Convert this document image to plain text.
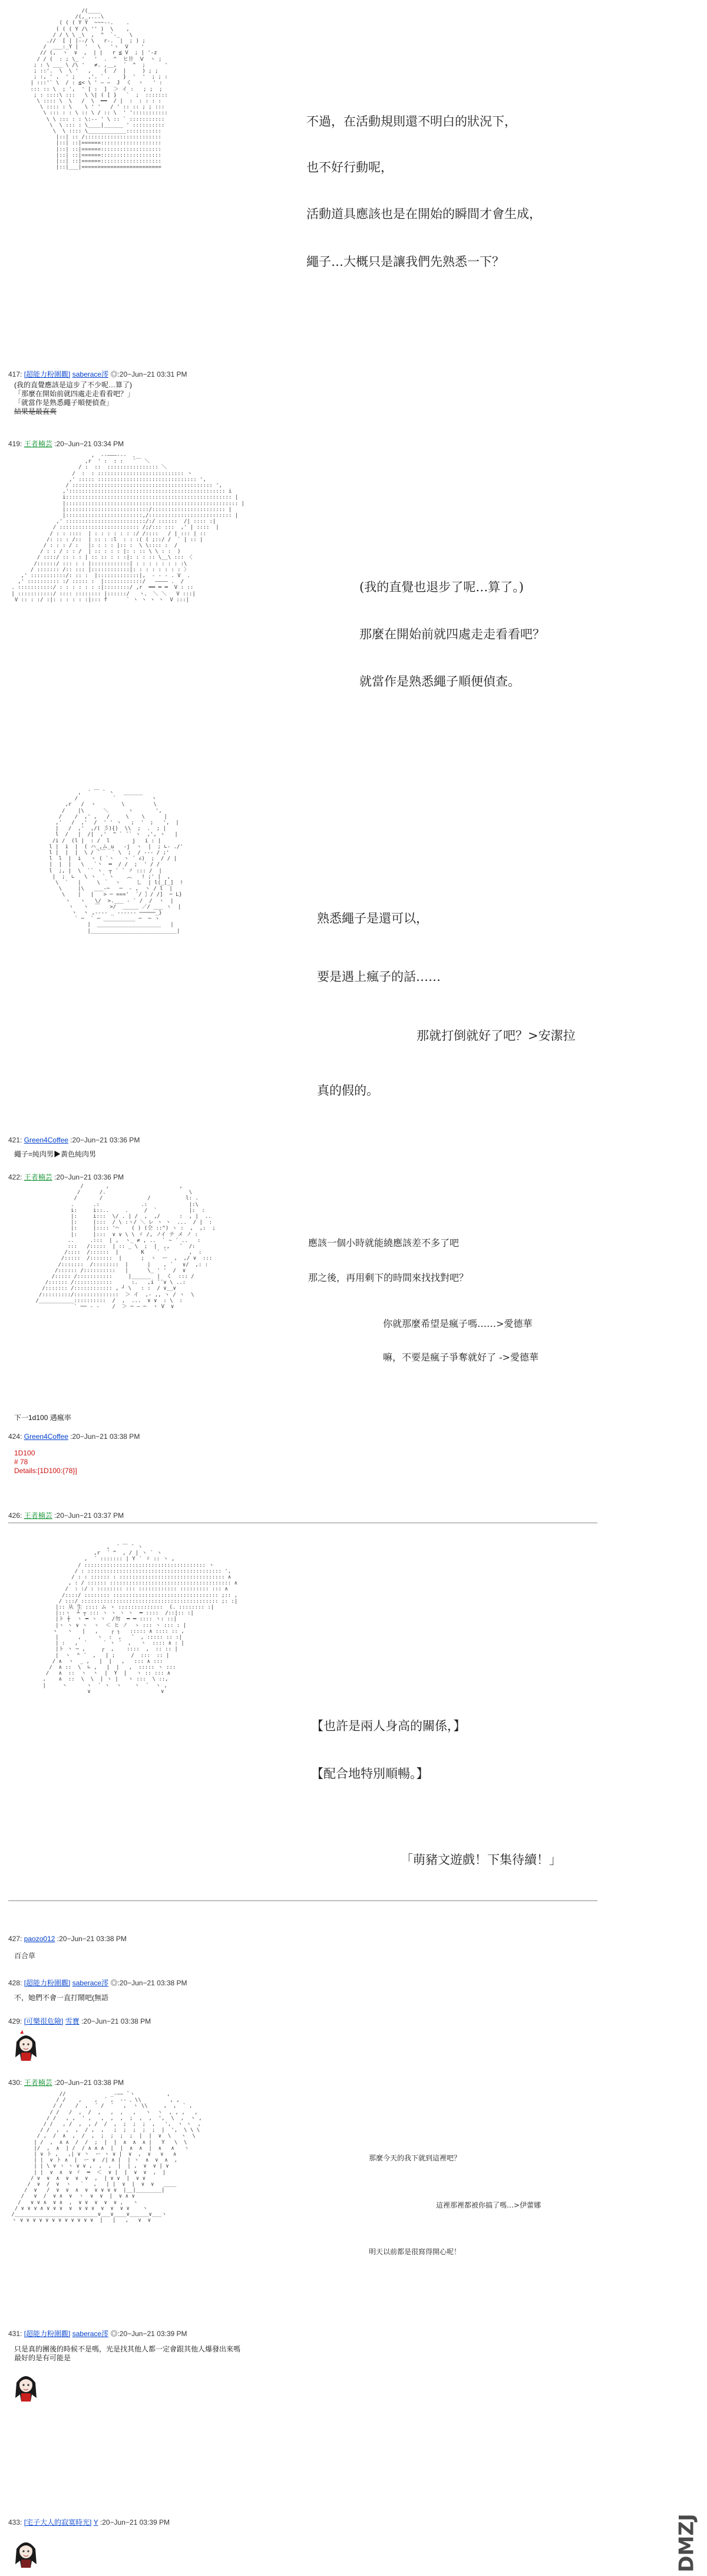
/(____
/(,_,...\
( ( ( Y Y  ~~~--.    .
( ( ( Y /\ '' )  \    ,
/ / \ \ _\  ,  ^  `-_   \
.//  [ | |--/ \   r-.  |  ; ) ;
/  ___:_Y |  '   \   'ヽ  V    '
// (,  ヽ  ∨  ,  | |   r ≦ V  ; | '-z
/ / (  : ; \_ '   '  .  ^  ヒ卄  Ⅴ  ヽ ;
; : \ ___ \ /\ '   ≠. ,__,  ´  ^  ;      '
; ::'.  \  \ '   ,    (  /  |     ) ; ;
; :, ' ,  ' ;    ,'. ` .    }  '  '  ; ; :
| :::'` \  / : ≦< \ ' ― ―  J  く  ヽ   ' :
::: :: \  ; ',  ' [ :  ]  ＞ イ :   ; ;  ;
; : ::::\ :::   \ \| ( [ }   `  ;  :::::::
\ :::: \  \   /  \  ━━  / |  :  : : : :
\ :::: : \    \ ' '   / ' :: :: ; ; :::
\ ::: : : \ :: \ / :: \  ' ':::::::::::
\ \ ::: : : \:-- ' \ :: ` :::::::::::
\  \ ::: : \____|______ ' ::::::::::
\  \ :::: \____________:::::::::::
|::| :: /::::::::::::::::::::::::
|::| ::|======:::::::::::::::::::
|::| ::|======:::::::::::::::::::
|::| ::|======:::::::::::::::::::
|::| ::|======:::::::::::::::::::
|::|___|=========================

不過，在活動規則還不明白的狀況下，

也不好行動呢，

活動道具應該也是在開始的瞬間才會生成，

繩子…大概只是讓我們先熟悉一下？

417: [超能力粉圍觀] saberace澪 ◎:20−Jun−21 03:31 PM
(我的直覺應該是這步了不少呢…算了)
「那麼在開始前就四處走走看看吧？」
「就當作是熟悉繩子順便偵查」
結果是最直爽
419: 王者楠芸 :20−Jun−21 03:34 PM
,  --―――---  、
,r  ' :  : :   ̄ ￣ ＼
/ :  ::  :::::::::::::::: ＼
/  :  : ::::::::::::::::::::::::::: ヽ
,' ::::: ::::::::::::::::::::::::::::::: ',
/ :::::::::::::::::::::::::::::::::::::::::::: ',
,'::::::::::::::::::::::::::::::::::::::::::::::::: i
i:::::::::::::::::::::::::::::::::::::::::::::::::::: |
|:::::::::::::::::::::::::::::::::::::::::::::::::::::: |
|::::::::::::::::::::::::::/::::::::::::::::::::::: |
|::::::::::::::::::::::::,/:::::::::::::::::::::::::: |
,' :::::::::::::::::::::::::/:/ ::::::  /| :::: :|
/ ::::::::::::::::::::::::: /;/::: :::  ,' | ::::  |
/ : : ::::  | : : : : : : :/ /::::   / | ::: | ::
/: :: : /::  | :: : :l  : : :( ( ;::/ /  ` | :: |
/ : : : / :   |: : : : |:: :  \ \:::: :  /
/ : : / : : /  | :: : : : |: : :: \ \ : :  )
/ ::::/ :: : : | :: :: : : :|: : : :: \__\ ::: 〈
/::::::/ ::: : : |::::::::::::| : : : : : : : :\
/ ::::::: /:: ::: |::::::::::::|: : : : : : : : 〉
,' :::::::::::/: :: :  |:::::::::::::|,  - ‐ ‐ . V  .
,' :::::::::: :/ ::::: :  |::::::::::::/   ―――― .  /
. :::::::::::/ : : : : : : :|::::::::/ ,r  ━━ ━ ━  V : ::
| :::::::::::/ :::: :::::::: |::::::/   ヽ、 ＼ ＼   V :::|
V :: : :/ :|: : : : : :|::: f      ` ヽ ヽ ヽ ヽ  V :::|

(我的直覺也退步了呢…算了。)

那麼在開始前就四處走走看看吧？

就當作是熟悉繩子順便偵查。

,  ´ ￣ ¨ ヽ   ______
/           `           ヽ
,r   /  ヽ        \         \
/    |\      ＼      ヽ       ',
/    /  ,' ,   /     \    \      |
,'   /  ,'  /  ' ' ヽ   ;  '  ;   ',  |
|   /  ,'  ,/( 彡){)  \\  ;  .  ; |
l  /   |  /|  ,'  ^ ` ̄ ` ヽ  ,', ヽ   |
/i /  (l |  : /  l       j   i : |
l |  i  |  ( ハ_,ム_u   ‐j  ヽ  |  ; ∟‐ ./'
l |  |  |  \ / ̄ ￣  ` \  ;  / --- / ;'
l  l  |  i   ヽ ( `ヽ   ヽ ´ ∠)  ;  / / |
|  |  |   \   `丶  ━  / /  ;  ' / /
l  ;, |  \  `` ヽ  ┬ ´ ´ ㇇ ::: /  |
|  ;  ∟   \ ヽ  ` ヽ    ︵   ! ;' |  ,
\  `   |     \ ｀  ヽ     し  | l(_[_]  !
\     |\   ___‐─   ─  ‐ ,  ヽ / l  |
\    |   |   > ─ ==='  ´/ ｝/ /]  ─ L}
ヽ   ヽ   \/  >.___ ‐ ` /  /  ヽ  |
ヽ   ヽ  ￣   >/  _____ ／/ ___ ヽ  |
ヽ  ヽ ,---- _ ‐‐‐‐‐‐ ─────_}
` ─  ` ─ __________ ─  ─ ヽ
|  ____________________   |
|___________________________|

熟悉繩子是還可以，

要是遇上瘋子的話……

那就打倒就好了吧？>安潔拉

真的假的。

421: Green4Coffee :20−Jun−21 03:36 PM
繩子=純肉男▶黃色純肉男
422: 王者楠芸 :20−Jun−21 03:36 PM
/       ,                      ,
/      /.                          \
/       /              /           l: .
.      .:             .:             |:\
i:     i::..     .     /  `          |:  :
|:     i:::  \/ . | /  ,  ,/      :  , |  ..
|:     |:::  / \ :ヽ/ ＼ レ ヽ ヽ  ...  / |  :
|:     |:::: '⌒    ( ) (仝 ::^) ヽ :  ,  ,:  ;
|:     |:::  ∨ ∨ \ \ ゞ /, ノイ テ メ ノ :
..     .:::  | ,  ヽ_ ≠ , ..  ` ~ ´ ..   :
:::   /:::::  | :: _ \  ;  |  ,,   ̄   /:
/::::  /::::::  |       K    ` ´       ,  :
/:::::  /:::::::  |      ;  ヽ  ー  ,  ,/ ∨  :::
/:::::::  /::::::::  |      |    , ´   ∨/  ,: :
/:::::: /::::::::::   |      \_ ' '  /  ∨
/::::: /:::::::::::     |______  |  く  ::: /
/:::::: /::::::::::::      :.   ,i ̄ ̄ ∨ \ ..:
/::::::: /:::::::::::: , ┘ \   : :  / ∨__∨
/:::::::::/::::::::::::::  ＞ イ  ,- ,, ヽ / ヽ  \
/___________::::::::::  /  ,  ...  ∨ ∨  : \  :
` ── ‐ ‐    /  ＞ ─ ― ─  ヽ V  ∨

應該一個小時就能繞應該差不多了吧

那之後，再用剩下的時間來找找對吧？

你就那麼希望是瘋子嗎……>愛德華

嘛，不要是瘋子爭奪就好了 ->愛德華

下一1d100 遇瘋率
424: Green4Coffee :20−Jun−21 03:38 PM
1D100
# 78
Details:[1D100:{78}]
426: 王者楠芸 :20−Jun−21 03:37 PM
,  ´ ￣ ¨ ヽ
,r  ´ ^  , / | ヽ ` ヽ
,  ´ ::::::: | Y ´ ゞ :: ヽ ,
/ :::::::::::::::::::::::::::::::::::::: ヽ
/ : :::::::::::::::::::::::::::::::::::::::::: ',
/ : : :::::: : ::::::::::::::::::::::::::::::::: ∧
, : / :::::: :::::::::::::::::::::::::::::::::::::: ∧
/  : :/ : :::::::: ::: :::::::::::: ::::::::: ::: ∧
/::::/ :::::::: ::::::::::::::::::::::::::::::::: ;:: ,
/ :::/ ::::::::::::::::::::::::::::::::::::::::::: ;: :|
|:: 从 生 :::: ム ゝ ::::::::::::::  (. :::::::: :|
|::ヽ  ┴ ┬ ::: ヽ ヽ ヽ ヽ  ━ ::::  /::|:: :|
|ト ┼  ヽ ━ ヽ ヽ  /勿  ━ ━ :::: ヽ: ::|
|ヽ ヽ ∨ ヽ  ヽ  ＜ ヒ ノ  ゝ ::: ヽ ::: : |
ヽ   ヽ   |   ,    ┌ ┐   ::::: ∧ :::: :: ,
|      ,     ヽ  :  ,   ̄   , ::::: :: :|
| :   ,  `     ` ヽ ´  ,   ヽ  :::: ∧ : |
|ト ヽ ─ ,     ┌  ,    ::::  ,  :: :: |
|  ヽ  ^ ´  ,   | ;     /  :::  :: |
/ ∧  ヽ  _ ,   |  |   ,   ::: ∧ :::
/  ∧ ::  \  ∟ ,   |  |   ,  ::::: ヽ :::
/   ∧  ::  ヽ  ヽ  |  Y  |   ヽ :: ::: ∧
,    ∧  ::  \  \  | ヽ |   ヽ :::  \ ::,
|     ヽ      ヽ  ` ヽ  ヽ    ヽ  `  ヽ ,
∨                      ∨

【也許是兩人身高的關係，】

【配合地特別順暢。】

「萌豬文遊戲！下集待續！」

427: paozo012 :20−Jun−21 03:38 PM
百合草
428: [超能力粉圍觀] saberace澪 ◎:20−Jun−21 03:38 PM
不，她們不會一直打鬧吧(無語
429: [可樂很危險] 雪寶 :20−Jun−21 03:38 PM
430: 王者楠芸 :20−Jun−21 03:38 PM
//              _-―― ¨ヽ          ,
/ /    ,    ,  ´ ,  -- 、\\         , ,
/ /    /  ,  ´ /  ´   ,  ヽ \\     ,  ,  ` ,
/ /   /  ,  /  ,   ,  ,   ,   ヽ  ヽ  , , ,   ,
/ /   , ,  ' ,   ,  ,  ,  ;  ,  ,  ',  \  ,  ヽ ,
/ /   , /  ,  , /  /  ,  ;  ;  ;  ,   ',  ヽ ヽ  ,
/ /  ,  ,  ,  / ,  ,   ;  ;  ;  ;  ;  |  ',  \ \ \
/ ,  /  ∧  ,  /  ,  ;  ;  ;  ;  |  |  ∨  \   ヽ  \
| /  ,  ∧ ∧  /  /  ;  |  |  ∧  ∧  ∧ |   Y   \  \
|/  ,  ∧  | /  / ∧ ∧ ∧  |  |  ∧  ∧  |  ∧   ∧   ヽ
| ∨ ト ,   ,| ∨ 丶  ー ヽ ∨ |  ∨  ,  ∨   ∨   ∧
| |  ∨ ト ∧  |  ー ∨  /| ∧ |  | ヽ  ∧  ∨  ∧  ,
| | \ ∨ ヽ ヽ ∨ ∨ ,  ,  ,  |  | ,  ∨  ∨ | ∨
| |  ∨  ∧  ∨ ゞ  ━  ＜  ∨ |  |  ∨  ∨  ,  |
/ ∨  ∨  ∧  ∨  ∨  ∨  ,  | ∨ ∨  |  ∨ ∨
/  ∨  /  ∨  ヽ   `   ,   | |  ∨  |  ∨  ∨   ____
/  ∨   /  ∨  ∨  ∧  ∨  ∨ ∨ ∨ ∨  |__|________|
/   ∨  /  ∨ ∧  ∨  ヽ  ∨  ∨  |  ∨ ∧ ∨
/   ∨ ∨ ∧  ∨ ∧  ,  ∨ ∨  ∨  ∨  ∨ ,   ヽ
/ ∨ ∨ ∨ ∧ ∨ ∨ ∨  ∨  ∨ ∨ ∨  ∨  ∨  ∨ ∨    ヽ
/__________________________∨___∨____∨______∨___ヽ
ヽ ∨ ∨ ∨ ∨ ∨ ∨ ∨ ∨ ∨ ∨ ∨ ∨  |   |   ,   ∨  ∨

那麼今天的我下就到這裡吧？

這裡那裡都被你搞了嗎…>伊蕾娜

明天以前都是很寫得開心呢！

431: [超能力粉圍觀] saberace澪 ◎:20−Jun−21 03:39 PM
只是真的團後的時候不是嗎，光是找其他人都一定會跟其他人爆發出來嗎
最好的是有可能是
433: [宅子大人的寂寞時光] Y :20−Jun−21 03:39 PM	DMZJ
